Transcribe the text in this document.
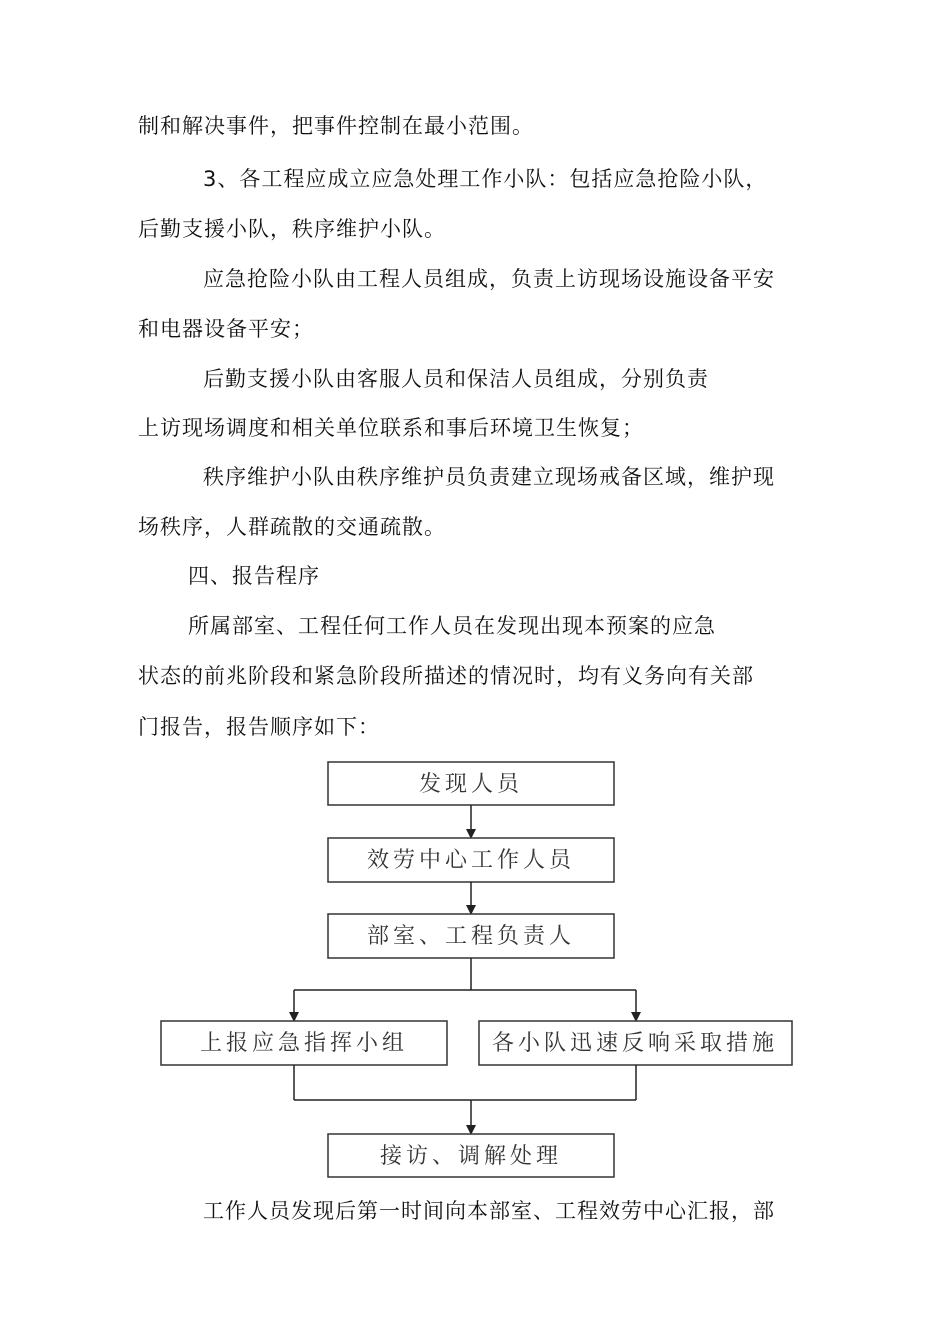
制和解决事件，把事件控制在最小范围。
3、各工程应成立应急处理工作小队：包括应急抢险小队，
后勤支援小队，秩序维护小队。
应急抢险小队由工程人员组成，负责上访现场设施设备平安
和电器设备平安；
后勤支援小队由客服人员和保洁人员组成，分别负责
上访现场调度和相关单位联系和事后环境卫生恢复；
秩序维护小队由秩序维护员负责建立现场戒备区域，维护现
场秩序，人群疏散的交通疏散。
四、报告程序
所属部室、工程任何工作人员在发现出现本预案的应急
状态的前兆阶段和紧急阶段所描述的情况时，均有义务向有关部
门报告，报告顺序如下：
发现人员
效劳中心工作人员
部室、工程负责人
上报应急指挥小组	各小队迅速反响采取措施
接访、调解处理
工作人员发现后第一时间向本部室、工程效劳中心汇报，部
